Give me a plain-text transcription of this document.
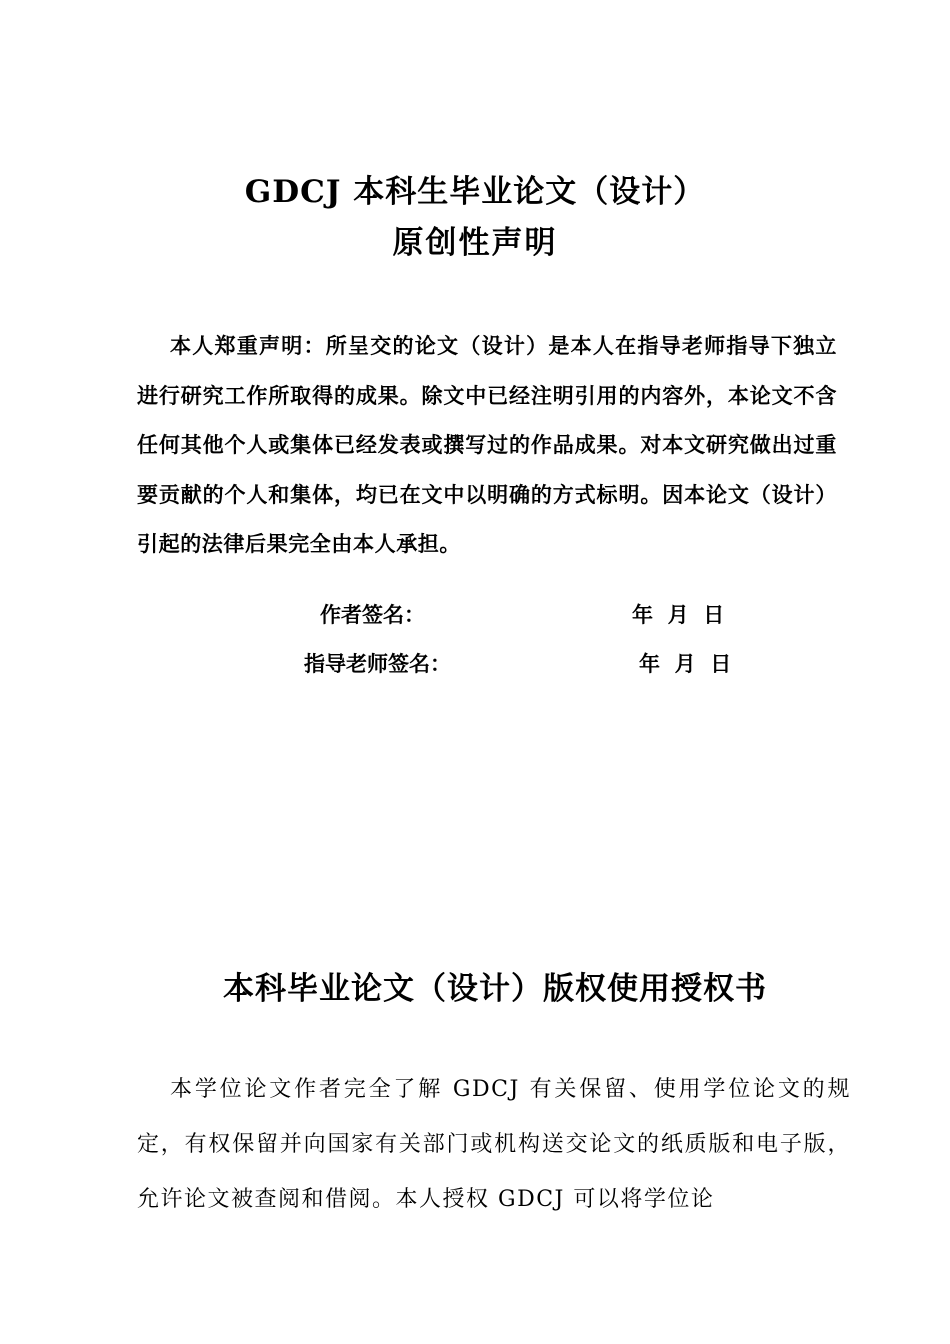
GDCJ 本科生毕业论文（设计）
原创性声明

本人郑重声明：所呈交的论文（设计）是本人在指导老师指导下独立进行研究工作所取得的成果。除文中已经注明引用的内容外，本论文不含任何其他个人或集体已经发表或撰写过的作品成果。对本文研究做出过重要贡献的个人和集体，均已在文中以明确的方式标明。因本论文（设计）引起的法律后果完全由本人承担。

作者签名：	年  月  日
指导老师签名：	年  月  日
本科毕业论文（设计）版权使用授权书

本学位论文作者完全了解 GDCJ 有关保留、使用学位论文的规定，有权保留并向国家有关部门或机构送交论文的纸质版和电子版，允许论文被查阅和借阅。本人授权 GDCJ 可以将学位论
